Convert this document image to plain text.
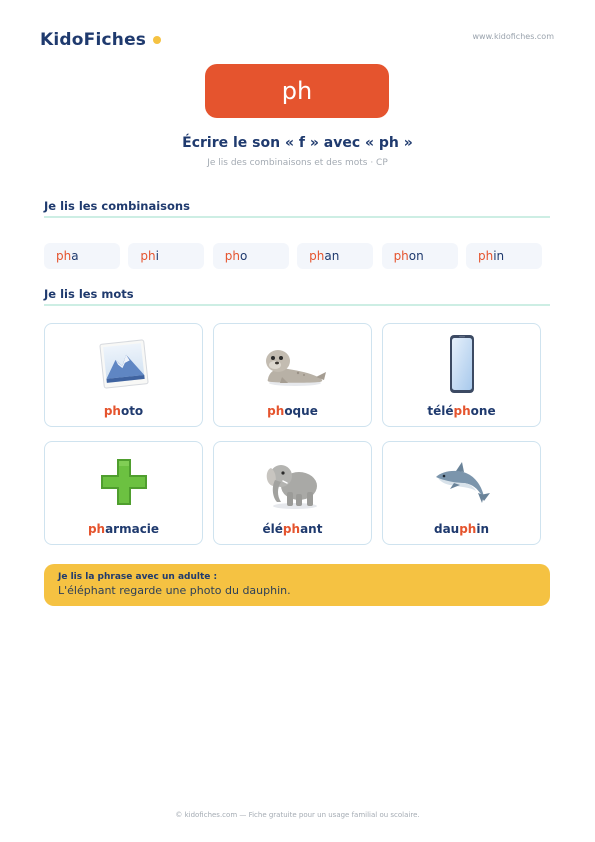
KidoFiches	www.kidofiches.com
ph
Écrire le son « f » avec « ph »
Je lis des combinaisons et des mots · CP
Je lis les combinaisons
ph a	ph i	ph o	ph an	ph on	ph in
Je lis les mots
photo	phoque	téléphone
pharmacie	éléphant	dauphin
Je lis la phrase avec un adulte :
L'éléphant regarde une photo du dauphin.
© kidofiches.com — Fiche gratuite pour un usage familial ou scolaire.
